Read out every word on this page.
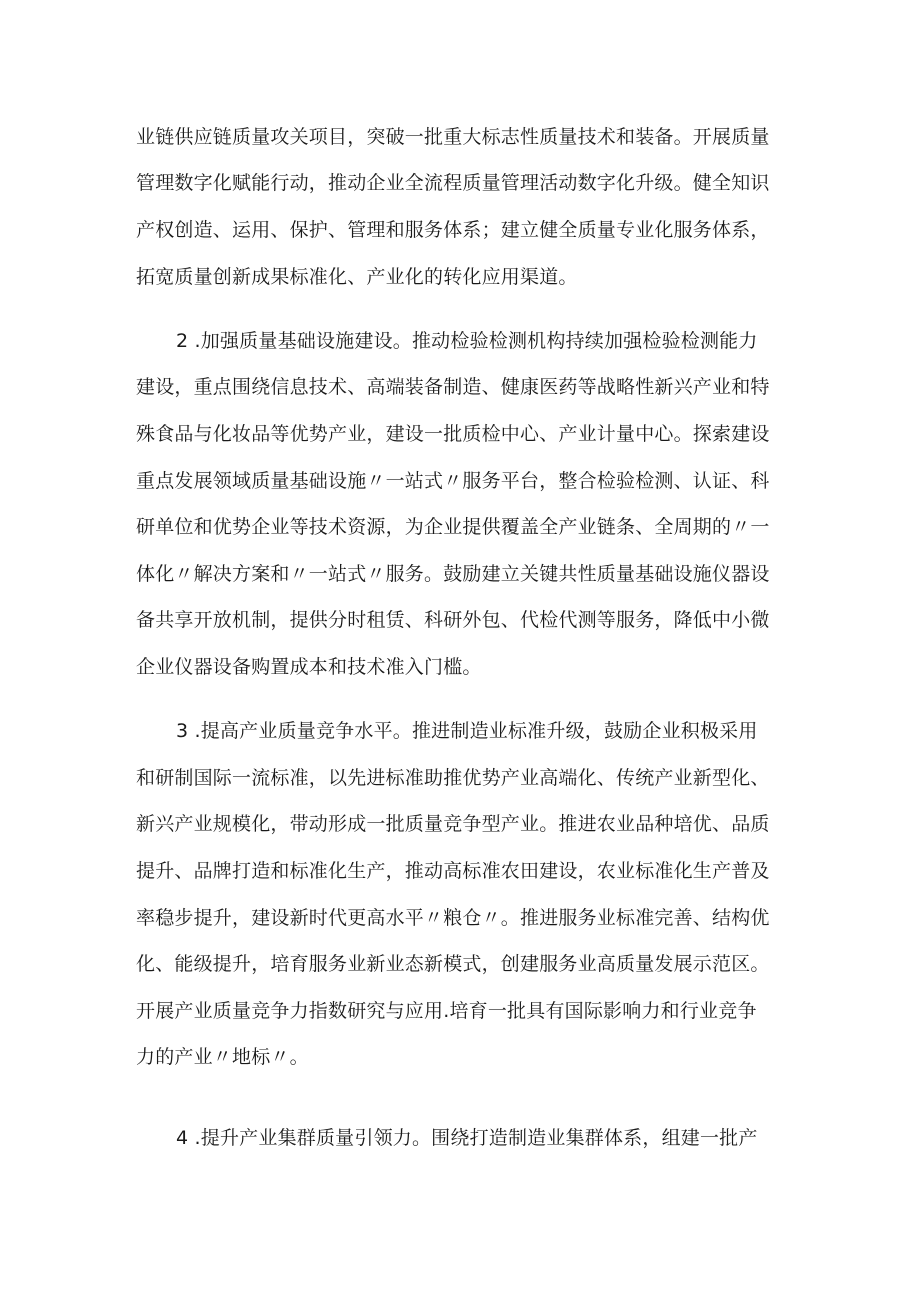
业链供应链质量攻关项目，突破一批重大标志性质量技术和装备。开展质量
管理数字化赋能行动，推动企业全流程质量管理活动数字化升级。健全知识
产权创造、运用、保护、管理和服务体系；建立健全质量专业化服务体系，
拓宽质量创新成果标准化、产业化的转化应用渠道。
2 .加强质量基础设施建设。推动检验检测机构持续加强检验检测能力
建设，重点围绕信息技术、高端装备制造、健康医药等战略性新兴产业和特
殊食品与化妆品等优势产业，建设一批质检中心、产业计量中心。探索建设
重点发展领域质量基础设施〃一站式〃服务平台，整合检验检测、认证、科
研单位和优势企业等技术资源，为企业提供覆盖全产业链条、全周期的〃一
体化〃解决方案和〃一站式〃服务。鼓励建立关键共性质量基础设施仪器设
备共享开放机制，提供分时租赁、科研外包、代检代测等服务，降低中小微
企业仪器设备购置成本和技术准入门槛。
3 .提高产业质量竞争水平。推进制造业标准升级，鼓励企业积极采用
和研制国际一流标准，以先进标准助推优势产业高端化、传统产业新型化、
新兴产业规模化，带动形成一批质量竞争型产业。推进农业品种培优、品质
提升、品牌打造和标准化生产，推动高标准农田建设，农业标准化生产普及
率稳步提升，建设新时代更高水平〃粮仓〃。推进服务业标准完善、结构优
化、能级提升，培育服务业新业态新模式，创建服务业高质量发展示范区。
开展产业质量竞争力指数研究与应用.培育一批具有国际影响力和行业竞争
力的产业〃地标〃。
4 .提升产业集群质量引领力。围绕打造制造业集群体系，组建一批产
